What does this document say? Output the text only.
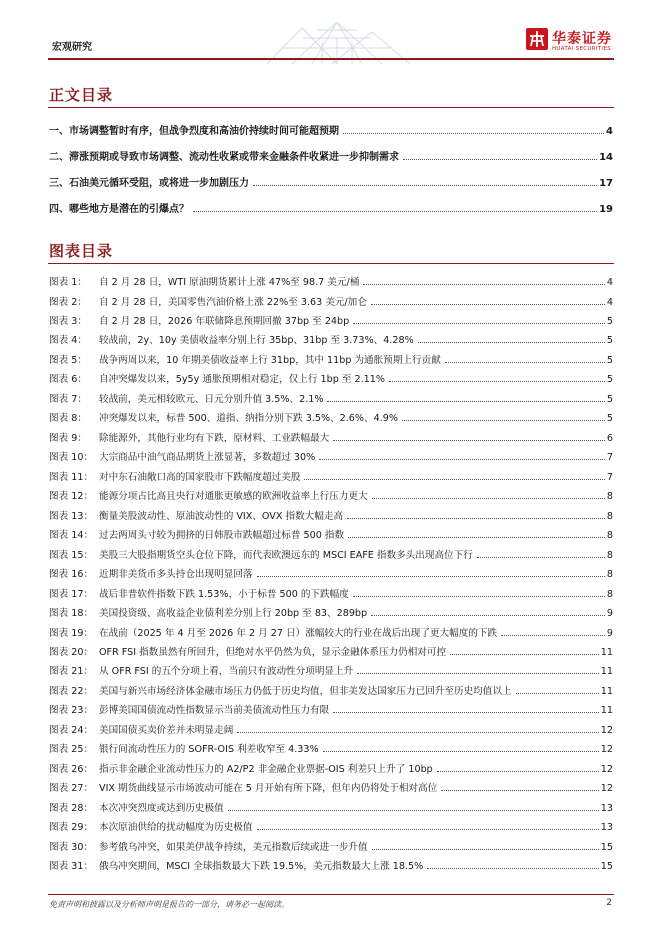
宏观研究
华泰证券
HUATAI SECURITIES
正文目录
一、市场调整暂时有序，但战争烈度和高油价持续时间可能超预期	4
二、滞涨预期或导致市场调整、流动性收紧或带来金融条件收紧进一步抑制需求	14
三、石油美元循环受阻，或将进一步加剧压力	17
四、哪些地方是潜在的引爆点？	19
图表目录
图表 1：	自 2 月 28 日，WTI 原油期货累计上涨 47%至 98.7 美元/桶	4
图表 2：	自 2 月 28 日，美国零售汽油价格上涨 22%至 3.63 美元/加仑	4
图表 3：	自 2 月 28 日，2026 年联储降息预期回撤 37bp 至 24bp	5
图表 4：	较战前，2y、10y 美债收益率分别上行 35bp、31bp 至 3.73%、4.28%	5
图表 5：	战争两周以来，10 年期美债收益率上行 31bp，其中 11bp 为通胀预期上行贡献	5
图表 6：	自冲突爆发以来，5y5y 通胀预期相对稳定，仅上行 1bp 至 2.11%	5
图表 7：	较战前，美元相较欧元、日元分别升值 3.5%、2.1%	5
图表 8：	冲突爆发以来，标普 500、道指、纳指分别下跌 3.5%、2.6%、4.9%	5
图表 9：	除能源外，其他行业均有下跌，原材料、工业跌幅最大	6
图表 10： 大宗商品中油气商品期货上涨显著，多数超过 30%	7
图表 11： 对中东石油敞口高的国家股市下跌幅度超过美股	7
图表 12： 能源分项占比高且央行对通胀更敏感的欧洲收益率上行压力更大	8
图表 13： 衡量美股波动性、原油波动性的 VIX、OVX 指数大幅走高	8
图表 14： 过去两周头寸较为拥挤的日韩股市跌幅超过标普 500 指数	8
图表 15： 美股三大股指期货空头仓位下降，而代表欧澳远东的 MSCI EAFE 指数多头出现高位下行	8
图表 16： 近期非美货币多头持仓出现明显回落	8
图表 17： 战后非普软件指数下跌 1.53%，小于标普 500 的下跌幅度	8
图表 18： 美国投资级、高收益企业债利差分别上行 20bp 至 83、289bp	9
图表 19： 在战前（2025 年 4 月至 2026 年 2 月 27 日）涨幅较大的行业在战后出现了更大幅度的下跌	9
图表 20： OFR FSI 指数虽然有所回升，但绝对水平仍然为负，显示金融体系压力仍相对可控	11
图表 21： 从 OFR FSI 的五个分项上看，当前只有波动性分项明显上升	11
图表 22： 美国与新兴市场经济体金融市场压力仍低于历史均值，但非美发达国家压力已回升至历史均值以上	11
图表 23： 彭博美国国债流动性指数显示当前美债流动性压力有限	11
图表 24： 美国国债买卖价差并未明显走阔	12
图表 25： 银行间流动性压力的 SOFR-OIS 利差收窄至 4.33%	12
图表 26： 指示非金融企业流动性压力的 A2/P2 非金融企业票据-OIS 利差只上升了 10bp	12
图表 27： VIX 期货曲线显示市场波动可能在 5 月开始有所下降，但年内仍将处于相对高位	12
图表 28： 本次冲突烈度或达到历史极值	13
图表 29： 本次原油供给的扰动幅度为历史极值	13
图表 30： 参考俄乌冲突，如果美伊战争持续，美元指数后续或进一步升值	15
图表 31： 俄乌冲突期间，MSCI 全球指数最大下跌 19.5%，美元指数最大上涨 18.5%	15
免责声明和披露以及分析师声明是报告的一部分，请务必一起阅读。	2
